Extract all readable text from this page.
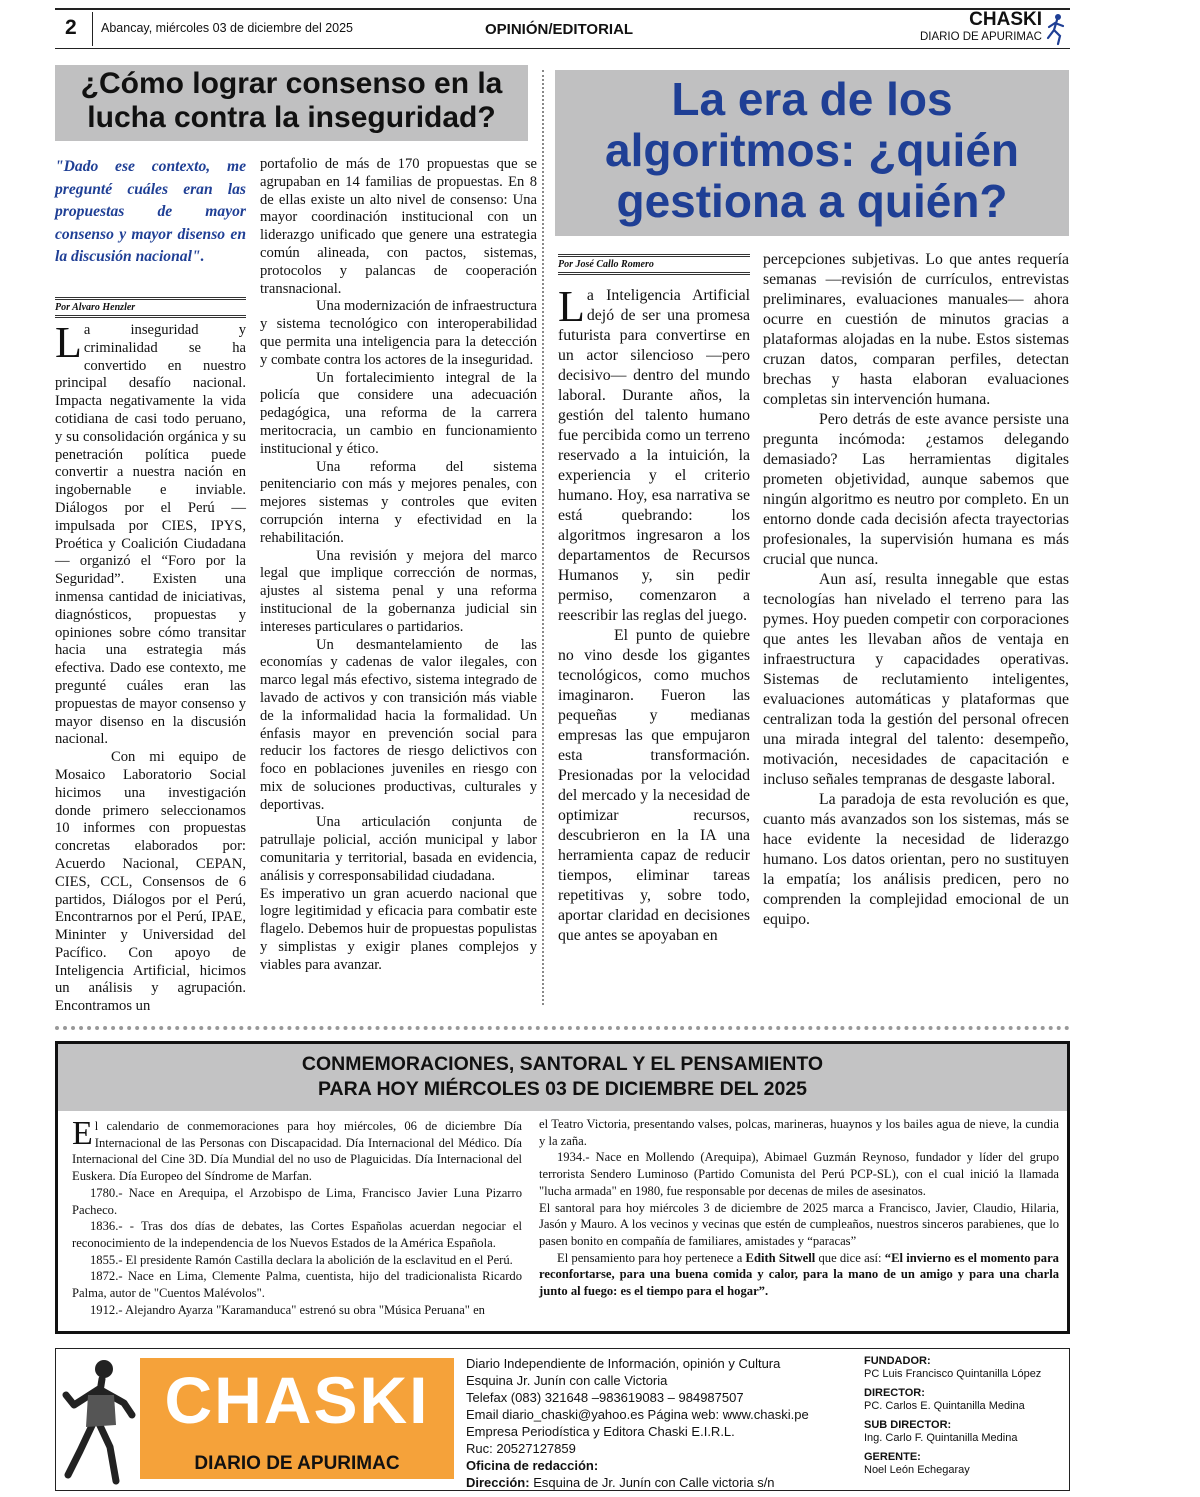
2 Abancay, miércoles 03 de diciembre del 2025	OPINIÓN/EDITORIAL	CHASKI
DIARIO DE APURIMAC
¿Cómo lograr consenso en la lucha contra la inseguridad?
"Dado ese contexto, me pregunté cuáles eran las propuestas de mayor consenso y mayor disenso en la discusión nacional".
Por Alvaro Henzler

La inseguridad y criminalidad se ha convertido en nuestro principal desafío nacional. Impacta negativamente la vida cotidiana de casi todo peruano, y su consolidación orgánica y su penetración política puede convertir a nuestra nación en ingobernable e inviable. Diálogos por el Perú —impulsada por CIES, IPYS, Proética y Coalición Ciudadana— organizó el “Foro por la Seguridad”. Existen una inmensa cantidad de iniciativas, diagnósticos, propuestas y opiniones sobre cómo transitar hacia una estrategia más efectiva. Dado ese contexto, me pregunté cuáles eran las propuestas de mayor consenso y mayor disenso en la discusión nacional.

Con mi equipo de Mosaico Laboratorio Social hicimos una investigación donde primero seleccionamos 10 informes con propuestas concretas elaborados por: Acuerdo Nacional, CEPAN, CIES, CCL, Consensos de 6 partidos, Diálogos por el Perú, Encontrarnos por el Perú, IPAE, Mininter y Universidad del Pacífico. Con apoyo de Inteligencia Artificial, hicimos un análisis y agrupación. Encontramos un

portafolio de más de 170 propuestas que se agrupaban en 14 familias de propuestas. En 8 de ellas existe un alto nivel de consenso: Una mayor coordinación institucional con un liderazgo unificado que genere una estrategia común alineada, con pactos, sistemas, protocolos y palancas de cooperación transnacional.

Una modernización de infraestructura y sistema tecnológico con interoperabilidad que permita una inteligencia para la detección y combate contra los actores de la inseguridad.

Un fortalecimiento integral de la policía que considere una adecuación pedagógica, una reforma de la carrera meritocracia, un cambio en funcionamiento institucional y ético.

Una reforma del sistema penitenciario con más y mejores penales, con mejores sistemas y controles que eviten corrupción interna y efectividad en la rehabilitación.

Una revisión y mejora del marco legal que implique corrección de normas, ajustes al sistema penal y una reforma institucional de la gobernanza judicial sin intereses particulares o partidarios.

Un desmantelamiento de las economías y cadenas de valor ilegales, con marco legal más efectivo, sistema integrado de lavado de activos y con transición más viable de la informalidad hacia la formalidad. Un énfasis mayor en prevención social para reducir los factores de riesgo delictivos con foco en poblaciones juveniles en riesgo con mix de soluciones productivas, culturales y deportivas.

Una articulación conjunta de patrullaje policial, acción municipal y labor comunitaria y territorial, basada en evidencia, análisis y corresponsabilidad ciudadana.

Es imperativo un gran acuerdo nacional que logre legitimidad y eficacia para combatir este flagelo. Debemos huir de propuestas populistas y simplistas y exigir planes complejos y viables para avanzar.

La era de los algoritmos: ¿quién gestiona a quién?
Por José Callo Romero

La Inteligencia Artificial dejó de ser una promesa futurista para convertirse en un actor silencioso —pero decisivo— dentro del mundo laboral. Durante años, la gestión del talento humano fue percibida como un terreno reservado a la intuición, la experiencia y el criterio humano. Hoy, esa narrativa se está quebrando: los algoritmos ingresaron a los departamentos de Recursos Humanos y, sin pedir permiso, comenzaron a reescribir las reglas del juego.

El punto de quiebre no vino desde los gigantes tecnológicos, como muchos imaginaron. Fueron las pequeñas y medianas empresas las que empujaron esta transformación. Presionadas por la velocidad del mercado y la necesidad de optimizar recursos, descubrieron en la IA una herramienta capaz de reducir tiempos, eliminar tareas repetitivas y, sobre todo, aportar claridad en decisiones que antes se apoyaban en

percepciones subjetivas. Lo que antes requería semanas —revisión de currículos, entrevistas preliminares, evaluaciones manuales— ahora ocurre en cuestión de minutos gracias a plataformas alojadas en la nube. Estos sistemas cruzan datos, comparan perfiles, detectan brechas y hasta elaboran evaluaciones completas sin intervención humana.

Pero detrás de este avance persiste una pregunta incómoda: ¿estamos delegando demasiado? Las herramientas digitales prometen objetividad, aunque sabemos que ningún algoritmo es neutro por completo. En un entorno donde cada decisión afecta trayectorias profesionales, la supervisión humana es más crucial que nunca.

Aun así, resulta innegable que estas tecnologías han nivelado el terreno para las pymes. Hoy pueden competir con corporaciones que antes les llevaban años de ventaja en infraestructura y capacidades operativas. Sistemas de reclutamiento inteligentes, evaluaciones automáticas y plataformas que centralizan toda la gestión del personal ofrecen una mirada integral del talento: desempeño, motivación, necesidades de capacitación e incluso señales tempranas de desgaste laboral.

La paradoja de esta revolución es que, cuanto más avanzados son los sistemas, más se hace evidente la necesidad de liderazgo humano. Los datos orientan, pero no sustituyen la empatía; los análisis predicen, pero no comprenden la complejidad emocional de un equipo.

CONMEMORACIONES, SANTORAL Y EL PENSAMIENTO
PARA HOY MIÉRCOLES 03 DE DICIEMBRE DEL 2025

El calendario de conmemoraciones para hoy miércoles, 06 de diciembre Día Internacional de las Personas con Discapacidad. Día Internacional del Médico. Día Internacional del Cine 3D. Día Mundial del no uso de Plaguicidas. Día Internacional del Euskera. Día Europeo del Síndrome de Marfan.

1780.- Nace en Arequipa, el Arzobispo de Lima, Francisco Javier Luna Pizarro Pacheco.

1836.- - Tras dos días de debates, las Cortes Españolas acuerdan negociar el reconocimiento de la independencia de los Nuevos Estados de la América Española.

1855.- El presidente Ramón Castilla declara la abolición de la esclavitud en el Perú.

1872.- Nace en Lima, Clemente Palma, cuentista, hijo del tradicionalista Ricardo Palma, autor de "Cuentos Malévolos".

1912.- Alejandro Ayarza "Karamanduca" estrenó su obra "Música Peruana" en

el Teatro Victoria, presentando valses, polcas, marineras, huaynos y los bailes agua de nieve, la cundia y la zaña.

1934.- Nace en Mollendo (Arequipa), Abimael Guzmán Reynoso, fundador y líder del grupo terrorista Sendero Luminoso (Partido Comunista del Perú PCP-SL), con el cual inició la llamada "lucha armada" en 1980, fue responsable por decenas de miles de asesinatos.

El santoral para hoy miércoles 3 de diciembre de 2025 marca a Francisco, Javier, Claudio, Hilaria, Jasón y Mauro. A los vecinos y vecinas que estén de cumpleaños, nuestros sinceros parabienes, que lo pasen bonito en compañía de familiares, amistades y “paracas”

El pensamiento para hoy pertenece a Edith Sitwell que dice así: “El invierno es el momento para reconfortarse, para una buena comida y calor, para la mano de un amigo y para una charla junto al fuego: es el tiempo para el hogar”.

CHASKI
DIARIO DE APURIMAC
Diario Independiente de Información, opinión y Cultura
Esquina Jr. Junín con calle Victoria
Telefax (083) 321648 –983619083 – 984987507
Email diario_chaski@yahoo.es Página web: www.chaski.pe
Empresa Periodística y Editora Chaski E.I.R.L.
Ruc: 20527127859
Oficina de redacción:
Dirección: Esquina de Jr. Junín con Calle victoria s/n
FUNDADOR:
PC Luis Francisco Quintanilla López
DIRECTOR:
PC. Carlos E. Quintanilla Medina
SUB DIRECTOR:
Ing. Carlo F. Quintanilla Medina
GERENTE:
Noel León Echegaray
